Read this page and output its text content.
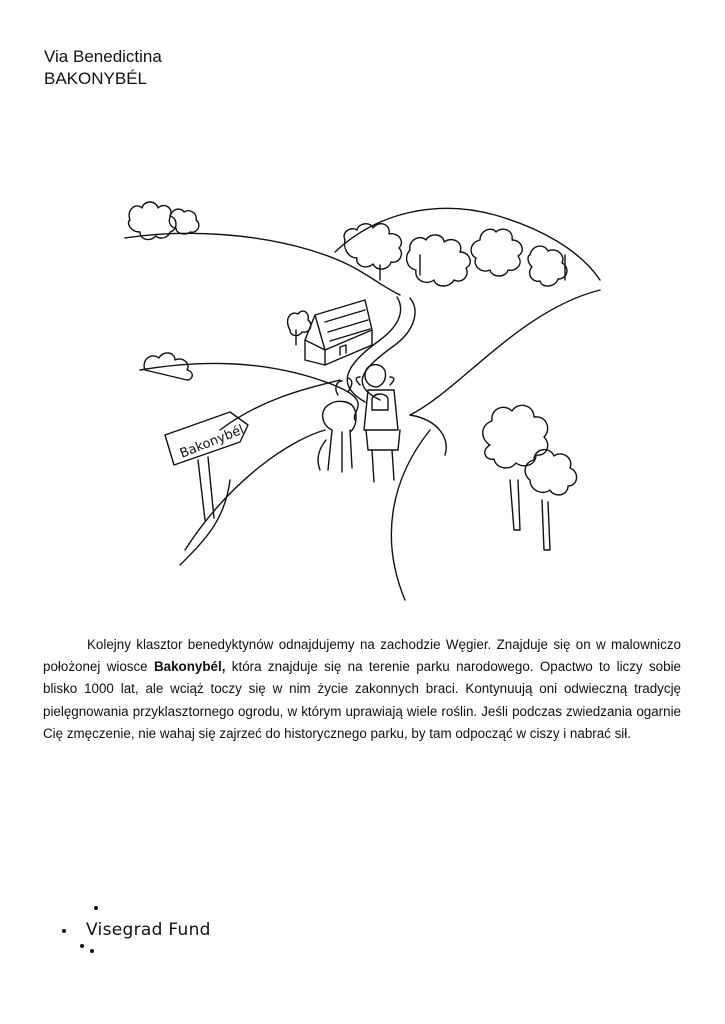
Via Benedictina
BAKONYBÉL
Bakonybél

Kolejny klasztor benedyktynów odnajdujemy na zachodzie Węgier. Znajduje się on w malowniczo położonej wiosce Bakonybél, która znajduje się na terenie parku narodowego. Opactwo to liczy sobie blisko 1000 lat, ale wciąż toczy się w nim życie zakonnych braci. Kontynuują oni odwieczną tradycję pielęgnowania przyklasztornego ogrodu, w którym uprawiają wiele roślin. Jeśli podczas zwiedzania ogarnie Cię zmęczenie, nie wahaj się zajrzeć do historycznego parku, by tam odpocząć w ciszy i nabrać sił.

Visegrad Fund
